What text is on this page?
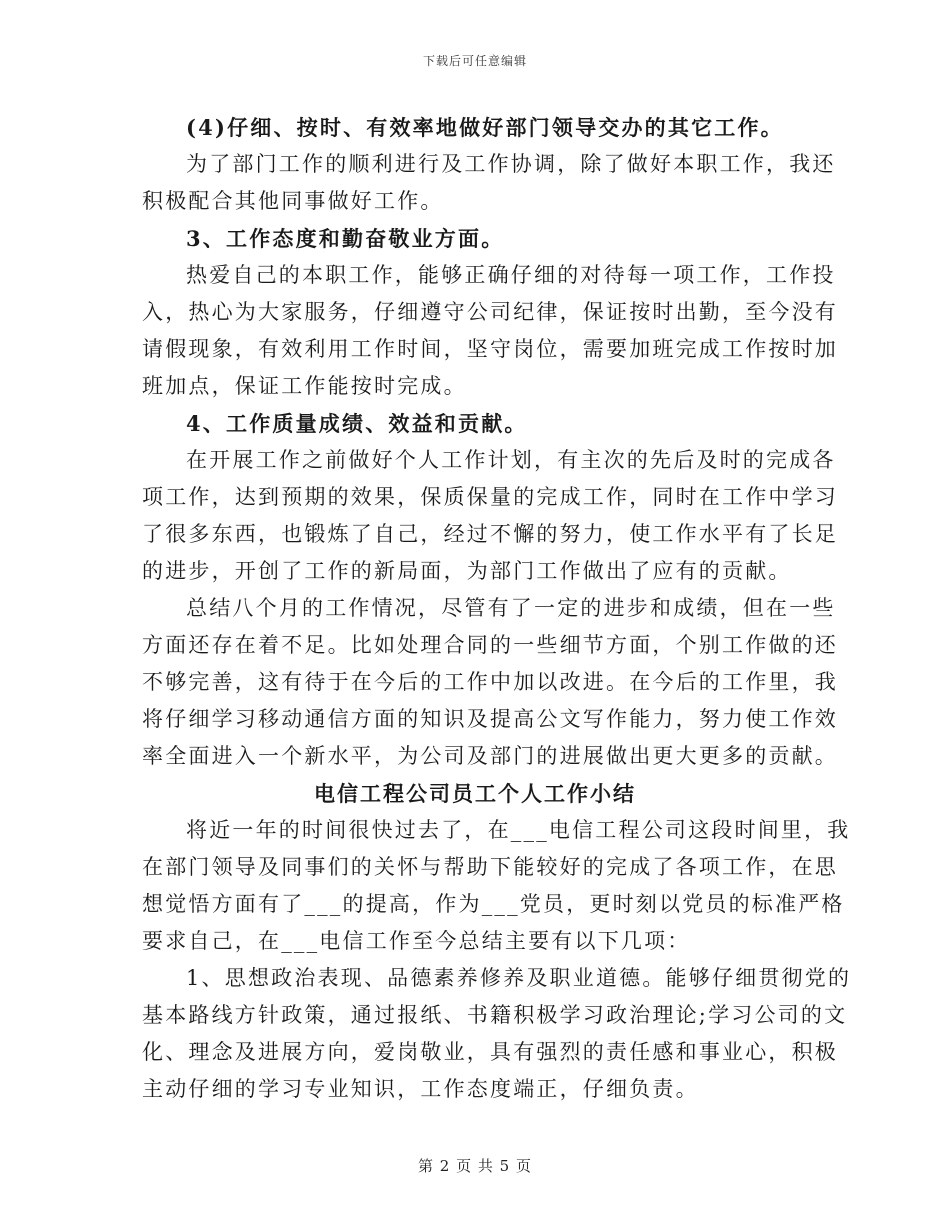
下载后可任意编辑
(4)仔细、按时、有效率地做好部门领导交办的其它工作。
为了部门工作的顺利进行及工作协调，除了做好本职工作，我还
积极配合其他同事做好工作。
3、工作态度和勤奋敬业方面。
热爱自己的本职工作，能够正确仔细的对待每一项工作，工作投
入，热心为大家服务，仔细遵守公司纪律，保证按时出勤，至今没有
请假现象，有效利用工作时间，坚守岗位，需要加班完成工作按时加
班加点，保证工作能按时完成。
4、工作质量成绩、效益和贡献。
在开展工作之前做好个人工作计划，有主次的先后及时的完成各
项工作，达到预期的效果，保质保量的完成工作，同时在工作中学习
了很多东西，也锻炼了自己，经过不懈的努力，使工作水平有了长足
的进步，开创了工作的新局面，为部门工作做出了应有的贡献。
总结八个月的工作情况，尽管有了一定的进步和成绩，但在一些
方面还存在着不足。比如处理合同的一些细节方面，个别工作做的还
不够完善，这有待于在今后的工作中加以改进。在今后的工作里，我
将仔细学习移动通信方面的知识及提高公文写作能力，努力使工作效
率全面进入一个新水平，为公司及部门的进展做出更大更多的贡献。
电信工程公司员工个人工作小结
将近一年的时间很快过去了，在___电信工程公司这段时间里，我
在部门领导及同事们的关怀与帮助下能较好的完成了各项工作，在思
想觉悟方面有了___的提高，作为___党员，更时刻以党员的标准严格
要求自己，在___电信工作至今总结主要有以下几项：
1、思想政治表现、品德素养修养及职业道德。能够仔细贯彻党的
基本路线方针政策，通过报纸、书籍积极学习政治理论;学习公司的文
化、理念及进展方向，爱岗敬业，具有强烈的责任感和事业心，积极
主动仔细的学习专业知识，工作态度端正，仔细负责。
第 2 页 共 5 页
